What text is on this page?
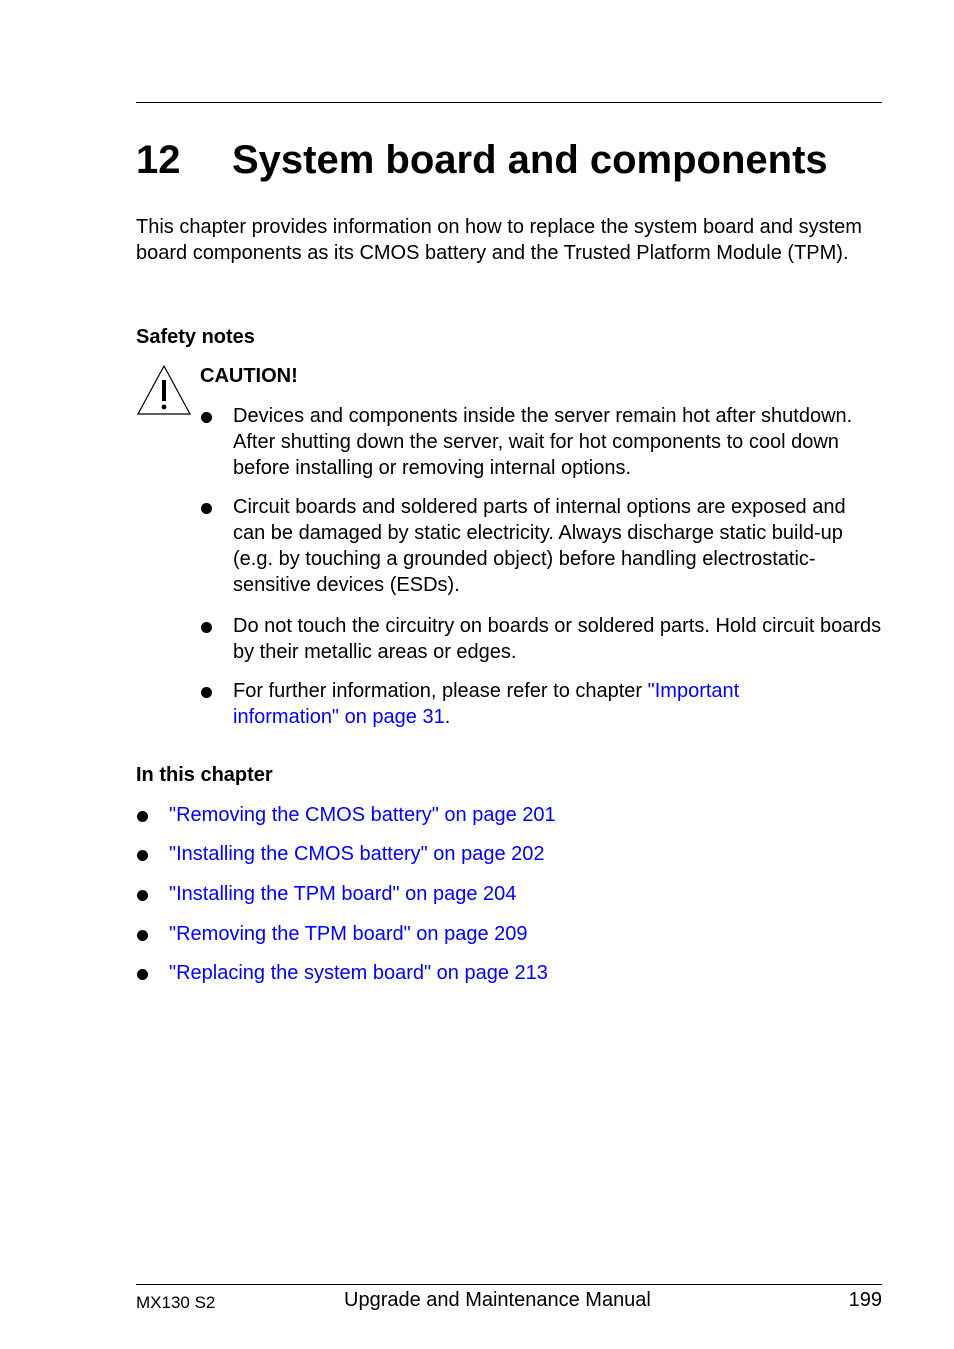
12 System board and components
This chapter provides information on how to replace the system board and system board components as its CMOS battery and the Trusted Platform Module (TPM).
Safety notes
CAUTION!
Devices and components inside the server remain hot after shutdown. After shutting down the server, wait for hot components to cool down before installing or removing internal options.
Circuit boards and soldered parts of internal options are exposed and can be damaged by static electricity. Always discharge static build-up (e.g. by touching a grounded object) before handling electrostatic-sensitive devices (ESDs).
Do not touch the circuitry on boards or soldered parts. Hold circuit boards by their metallic areas or edges.
For further information, please refer to chapter "Important information" on page 31.
In this chapter
"Removing the CMOS battery" on page 201
"Installing the CMOS battery" on page 202
"Installing the TPM board" on page 204
"Removing the TPM board" on page 209
"Replacing the system board" on page 213
MX130 S2	Upgrade and Maintenance Manual	199
